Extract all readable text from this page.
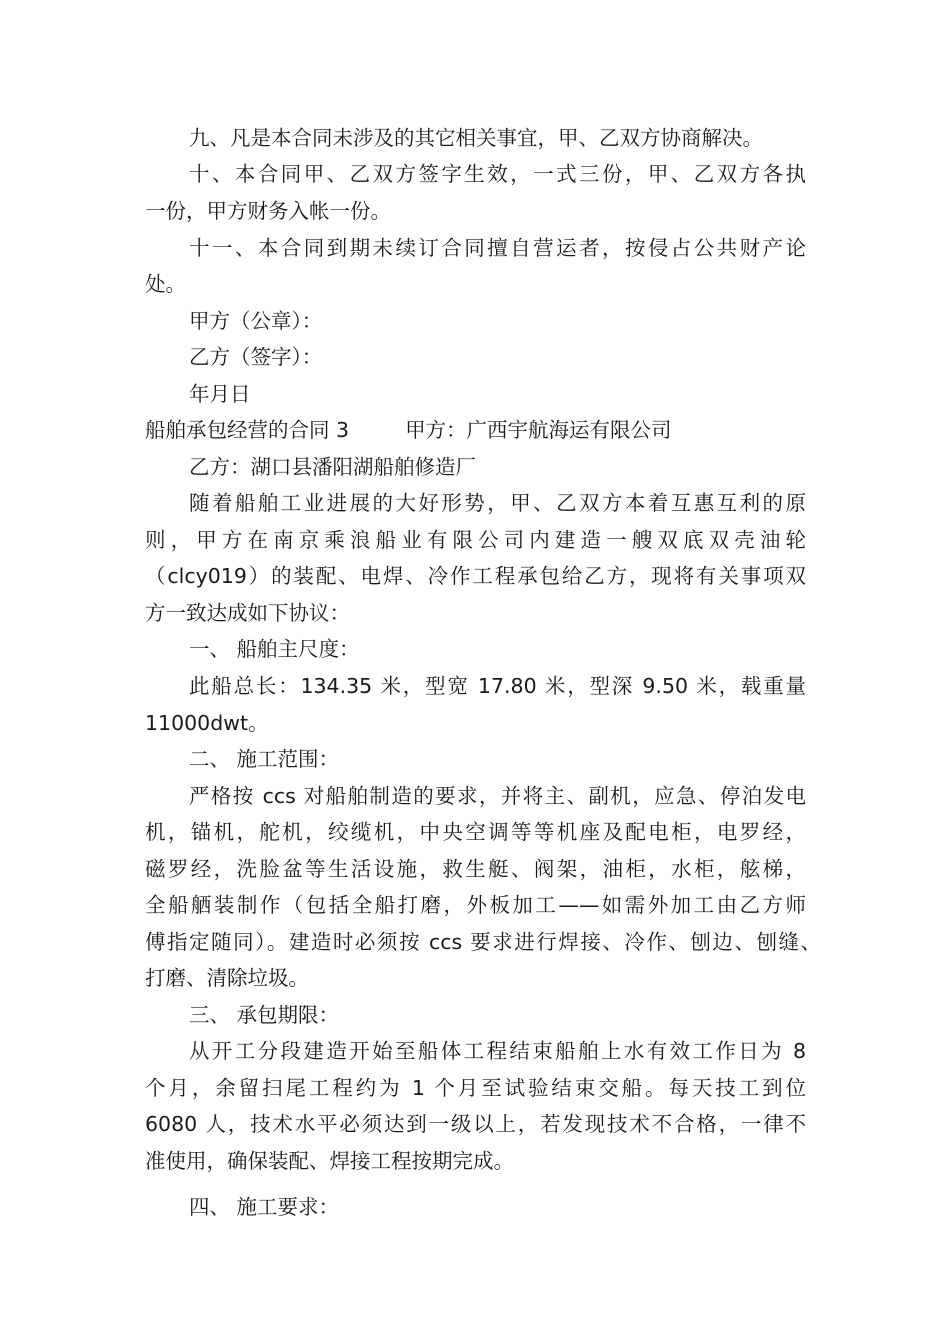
九、凡是本合同未涉及的其它相关事宜，甲、乙双方协商解决。
十、本合同甲、乙双方签字生效，一式三份，甲、乙双方各执
一份，甲方财务入帐一份。
十一、本合同到期未续订合同擅自营运者，按侵占公共财产论
处。
甲方（公章）：
乙方（签字）：
年月日
船舶承包经营的合同 3	甲方：广西宇航海运有限公司
乙方：湖口县潘阳湖船舶修造厂
随着船舶工业进展的大好形势，甲、乙双方本着互惠互利的原
则，甲方在南京乘浪船业有限公司内建造一艘双底双壳油轮
（clcy019）的装配、电焊、冷作工程承包给乙方，现将有关事项双
方一致达成如下协议：
一、 船舶主尺度：
此船总长：134.35 米，型宽 17.80 米，型深 9.50 米，载重量
11000dwt。
二、 施工范围：
严格按 ccs 对船舶制造的要求，并将主、副机，应急、停泊发电
机，锚机，舵机，绞缆机，中央空调等等机座及配电柜，电罗经，
磁罗经，洗脸盆等生活设施，救生艇、阀架，油柜，水柜，舷梯，
全船舾装制作（包括全船打磨，外板加工——如需外加工由乙方师
傅指定随同）。建造时必须按 ccs 要求进行焊接、冷作、刨边、刨缝、
打磨、清除垃圾。
三、 承包期限：
从开工分段建造开始至船体工程结束船舶上水有效工作日为 8
个月，余留扫尾工程约为 1 个月至试验结束交船。每天技工到位
6080 人，技术水平必须达到一级以上，若发现技术不合格，一律不
准使用，确保装配、焊接工程按期完成。
四、 施工要求：
